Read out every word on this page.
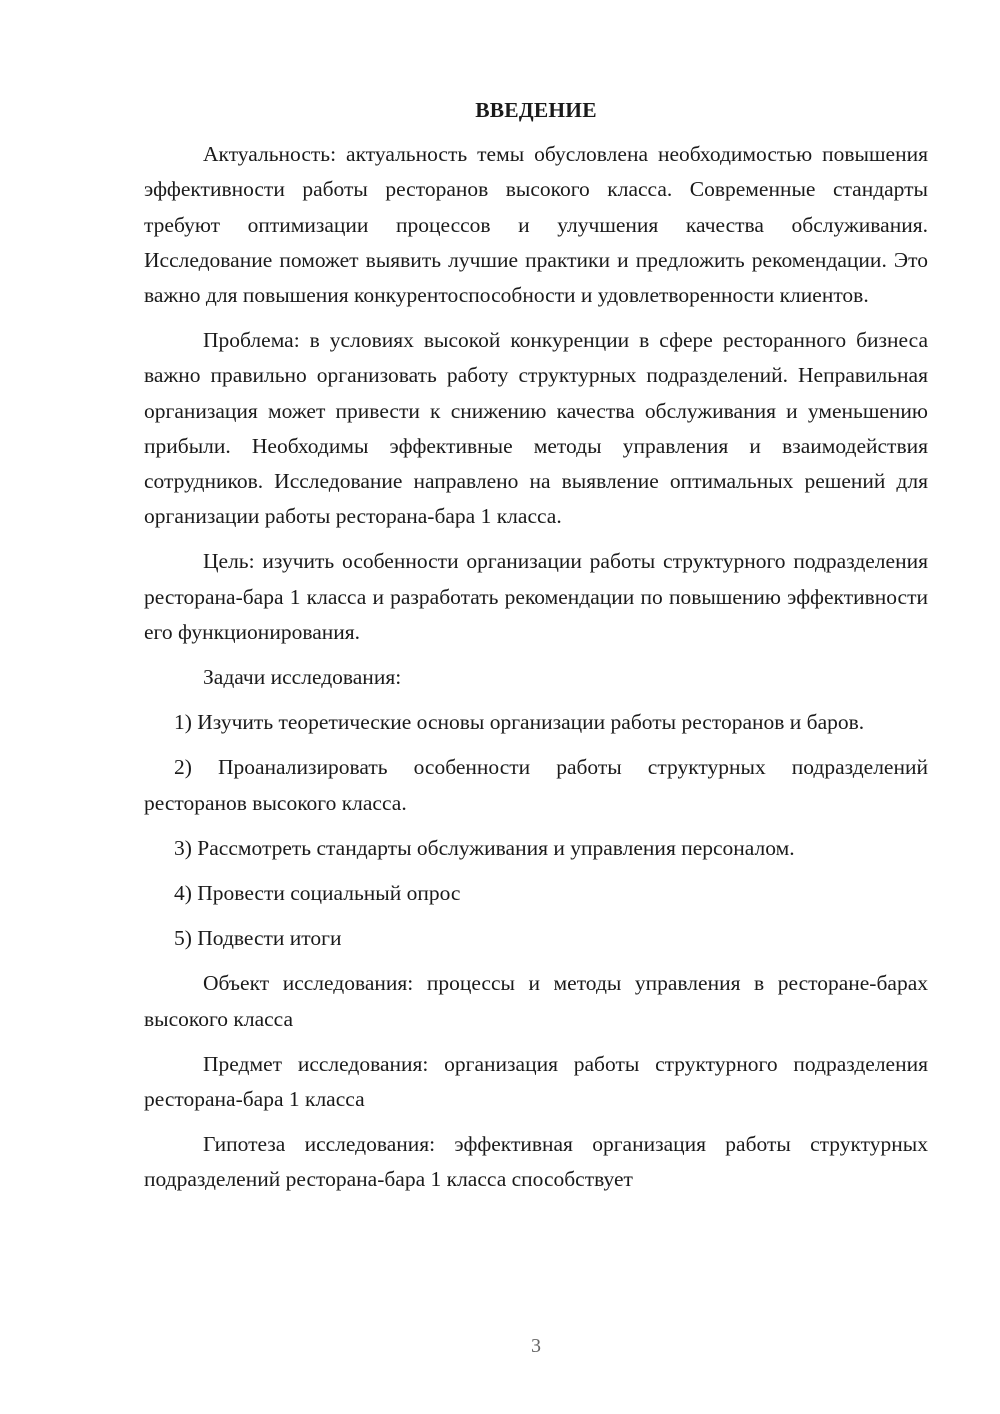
ВВЕДЕНИЕ

Актуальность: актуальность темы обусловлена необходимостью повышения эффективности работы ресторанов высокого класса. Современные стандарты требуют оптимизации процессов и улучшения качества обслуживания. Исследование поможет выявить лучшие практики и предложить рекомендации. Это важно для повышения конкурентоспособности и удовлетворенности клиентов.

Проблема: в условиях высокой конкуренции в сфере ресторанного бизнеса важно правильно организовать работу структурных подразделений. Неправильная организация может привести к снижению качества обслуживания и уменьшению прибыли. Необходимы эффективные методы управления и взаимодействия сотрудников. Исследование направлено на выявление оптимальных решений для организации работы ресторана-бара 1 класса.

Цель: изучить особенности организации работы структурного подразделения ресторана-бара 1 класса и разработать рекомендации по повышению эффективности его функционирования.

Задачи исследования:

1) Изучить теоретические основы организации работы ресторанов и баров.

2) Проанализировать особенности работы структурных подразделений ресторанов высокого класса.

3) Рассмотреть стандарты обслуживания и управления персоналом.

4) Провести социальный опрос

5) Подвести итоги

Объект исследования: процессы и методы управления в ресторане-барах высокого класса

Предмет исследования: организация работы структурного подразделения ресторана-бара 1 класса

Гипотеза исследования: эффективная организация работы структурных подразделений ресторана-бара 1 класса способствует

3
